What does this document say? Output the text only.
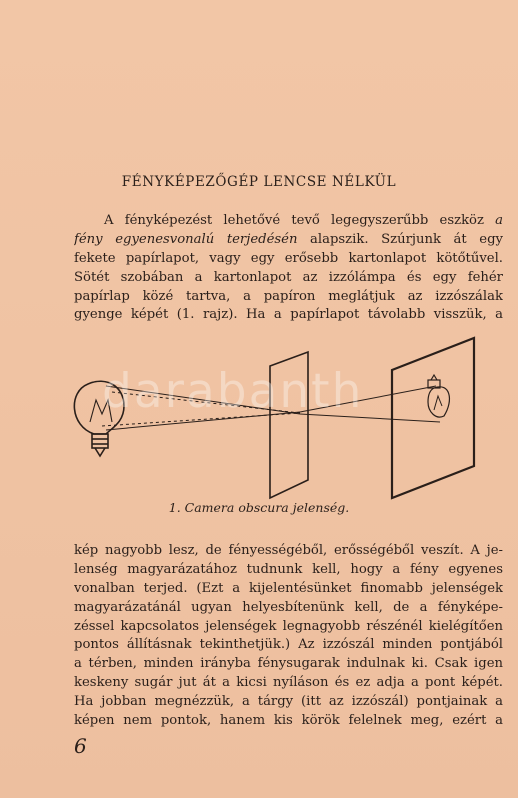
FÉNYKÉPEZŐGÉP LENCSE NÉLKÜL
A fényképezést lehetővé tevő legegyszerűbb eszköz a
fény egyenesvonalú terjedésén alapszik. Szúrjunk át egy
fekete papírlapot, vagy egy erősebb kartonlapot kötőtűvel.
Sötét szobában a kartonlapot az izzólámpa és egy fehér
papírlap közé tartva, a papíron meglátjuk az izzószálak
gyenge képét (1. rajz). Ha a papírlapot távolabb visszük, a
darabanth
1. Camera obscura jelenség.
kép nagyobb lesz, de fényességéből, erősségéből veszít. A je-
lenség magyarázatához tudnunk kell, hogy a fény egyenes
vonalban terjed. (Ezt a kijelentésünket finomabb jelenségek
magyarázatánál ugyan helyesbítenünk kell, de a fényképe-
zéssel kapcsolatos jelenségek legnagyobb részénél kielégítően
pontos állításnak tekinthetjük.) Az izzószál minden pontjából
a térben, minden irányba fénysugarak indulnak ki. Csak igen
keskeny sugár jut át a kicsi nyíláson és ez adja a pont képét.
Ha jobban megnézzük, a tárgy (itt az izzószál) pontjainak a
képen nem pontok, hanem kis körök felelnek meg, ezért a
6
